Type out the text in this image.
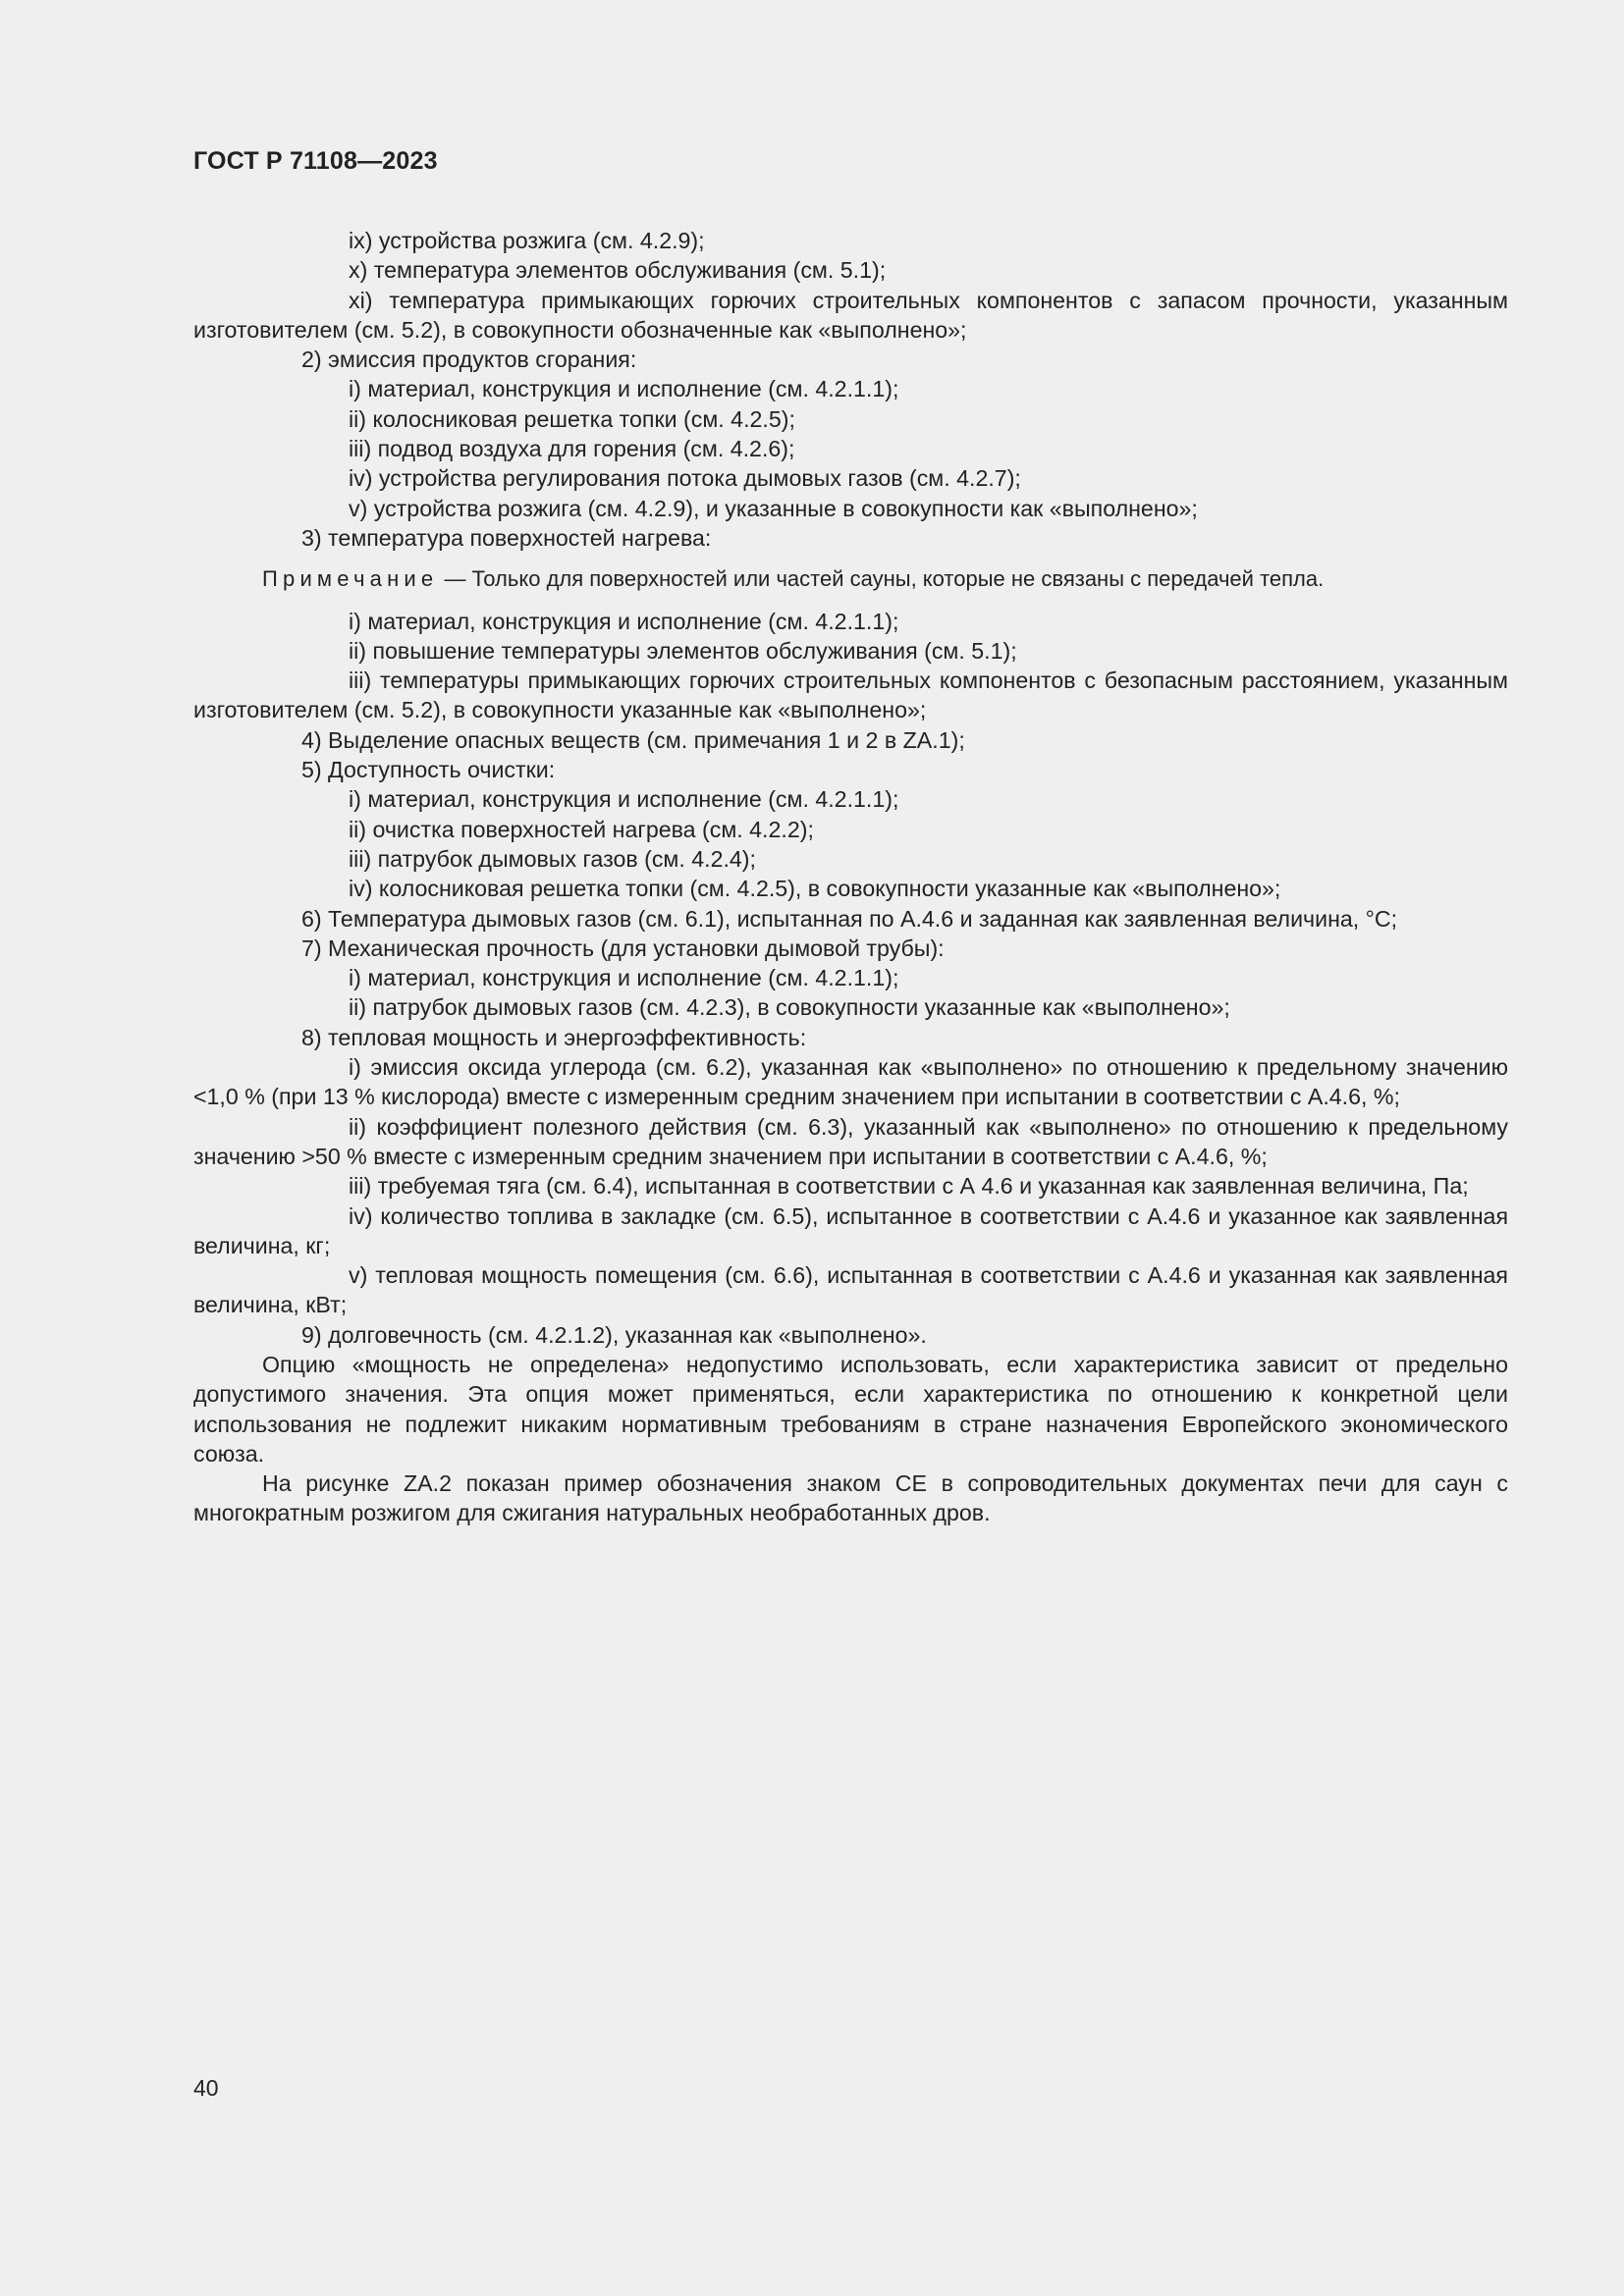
ГОСТ Р 71108—2023

ix) устройства розжига (см. 4.2.9);

x) температура элементов обслуживания (см. 5.1);

xi) температура примыкающих горючих строительных компонентов с запасом прочности, указанным изготовителем (см. 5.2), в совокупности обозначенные как «выполнено»;

2) эмиссия продуктов сгорания:

i) материал, конструкция и исполнение (см. 4.2.1.1);

ii) колосниковая решетка топки (см. 4.2.5);

iii) подвод воздуха для горения (см. 4.2.6);

iv) устройства регулирования потока дымовых газов (см. 4.2.7);

v) устройства розжига (см. 4.2.9), и указанные в совокупности как «выполнено»;

3) температура поверхностей нагрева:

Примечание — Только для поверхностей или частей сауны, которые не связаны с передачей тепла.

i) материал, конструкция и исполнение (см. 4.2.1.1);

ii) повышение температуры элементов обслуживания (см. 5.1);

iii) температуры примыкающих горючих строительных компонентов с безопасным расстоянием, указанным изготовителем (см. 5.2), в совокупности указанные как «выполнено»;

4) Выделение опасных веществ (см. примечания 1 и 2 в ZA.1);

5) Доступность очистки:

i) материал, конструкция и исполнение (см. 4.2.1.1);

ii) очистка поверхностей нагрева (см. 4.2.2);

iii) патрубок дымовых газов (см. 4.2.4);

iv) колосниковая решетка топки (см. 4.2.5), в совокупности указанные как «выполнено»;

6) Температура дымовых газов (см. 6.1), испытанная по А.4.6 и заданная как заявленная величина, °С;

7) Механическая прочность (для установки дымовой трубы):

i) материал, конструкция и исполнение (см. 4.2.1.1);

ii) патрубок дымовых газов (см. 4.2.3), в совокупности указанные как «выполнено»;

8) тепловая мощность и энергоэффективность:

i) эмиссия оксида углерода (см. 6.2), указанная как «выполнено» по отношению к предельному значению <1,0 % (при 13 % кислорода) вместе с измеренным средним значением при испытании в соответствии с А.4.6, %;

ii) коэффициент полезного действия (см. 6.3), указанный как «выполнено» по отношению к предельному значению >50 % вместе с измеренным средним значением при испытании в соответствии с А.4.6, %;

iii) требуемая тяга (см. 6.4), испытанная в соответствии с А 4.6 и указанная как заявленная величина, Па;

iv) количество топлива в закладке (см. 6.5), испытанное в соответствии с А.4.6 и указанное как заявленная величина, кг;

v) тепловая мощность помещения (см. 6.6), испытанная в соответствии с А.4.6 и указанная как заявленная величина, кВт;

9) долговечность (см. 4.2.1.2), указанная как «выполнено».

Опцию «мощность не определена» недопустимо использовать, если характеристика зависит от предельно допустимого значения. Эта опция может применяться, если характеристика по отношению к конкретной цели использования не подлежит никаким нормативным требованиям в стране назначения Европейского экономического союза.

На рисунке ZA.2 показан пример обозначения знаком СЕ в сопроводительных документах печи для саун с многократным розжигом для сжигания натуральных необработанных дров.

40
